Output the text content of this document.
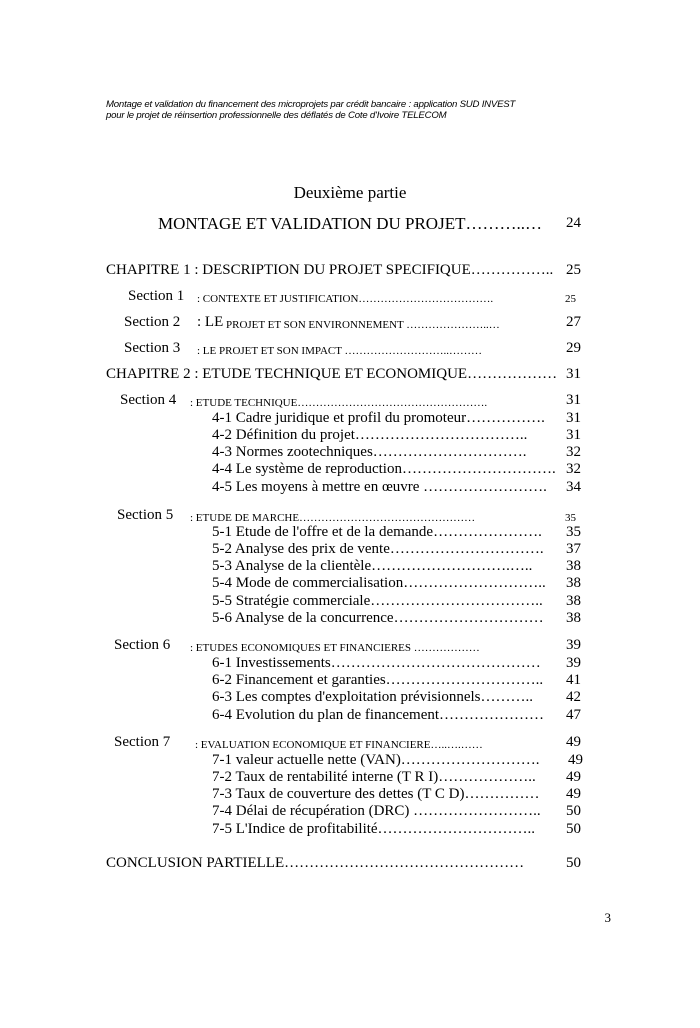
Montage et validation du financement des microprojets par crédit bancaire : application SUD INVEST
pour le projet de réinsertion professionnelle des déflatés de Cote d'Ivoire TELECOM
Deuxième partie
MONTAGE ET VALIDATION DU PROJET………..…	24
CHAPITRE 1 : DESCRIPTION DU PROJET SPECIFIQUE…………….. 25
Section 1 : CONTEXTE ET JUSTIFICATION……………………………….	25
Section 2 : LE PROJET ET SON ENVIRONNEMENT …………………..…	27
Section 3 : LE PROJET ET SON IMPACT ………………………..………	29
CHAPITRE 2 : ETUDE TECHNIQUE ET ECONOMIQUE……………… 31
Section 4 : ETUDE TECHNIQUE…………………………………………….	31
4-1 Cadre juridique et profil du promoteur…………….	31
4-2 Définition du projet……………………………..	31
4-3 Normes zootechniques………………………….	32
4-4 Le système de reproduction…………………………. 32
4-5 Les moyens à mettre en œuvre …………………….	34
Section 5 : ETUDE DE MARCHE…………………………………………	35
5-1 Etude de l'offre et de la demande………………….	35
5-2 Analyse des prix de vente………………………….	37
5-3 Analyse de la clientèle……………………….…..	38
5-4 Mode de commercialisation………………………..	38
5-5 Stratégie commerciale……………………………..	38
5-6 Analyse de la concurrence…………………………	38
Section 6 : ETUDES ECONOMIQUES ET FINANCIERES ………………	39
6-1 Investissements……………………………………	39
6-2 Financement et garanties…………………………..	41
6-3 Les comptes d'exploitation prévisionnels………..	42
6-4 Evolution du plan de financement…………………	47
Section 7 : EVALUATION ECONOMIQUE ET FINANCIERE…..….……	49
7-1 valeur actuelle nette (VAN)……………………….	49
7-2 Taux de rentabilité interne (T R I)………………..	49
7-3 Taux de couverture des dettes (T C D)……………	49
7-4 Délai de récupération (DRC) ……………………..	50
7-5 L'Indice de profitabilité…………………………..	50
CONCLUSION PARTIELLE…………………………………………	50
3
